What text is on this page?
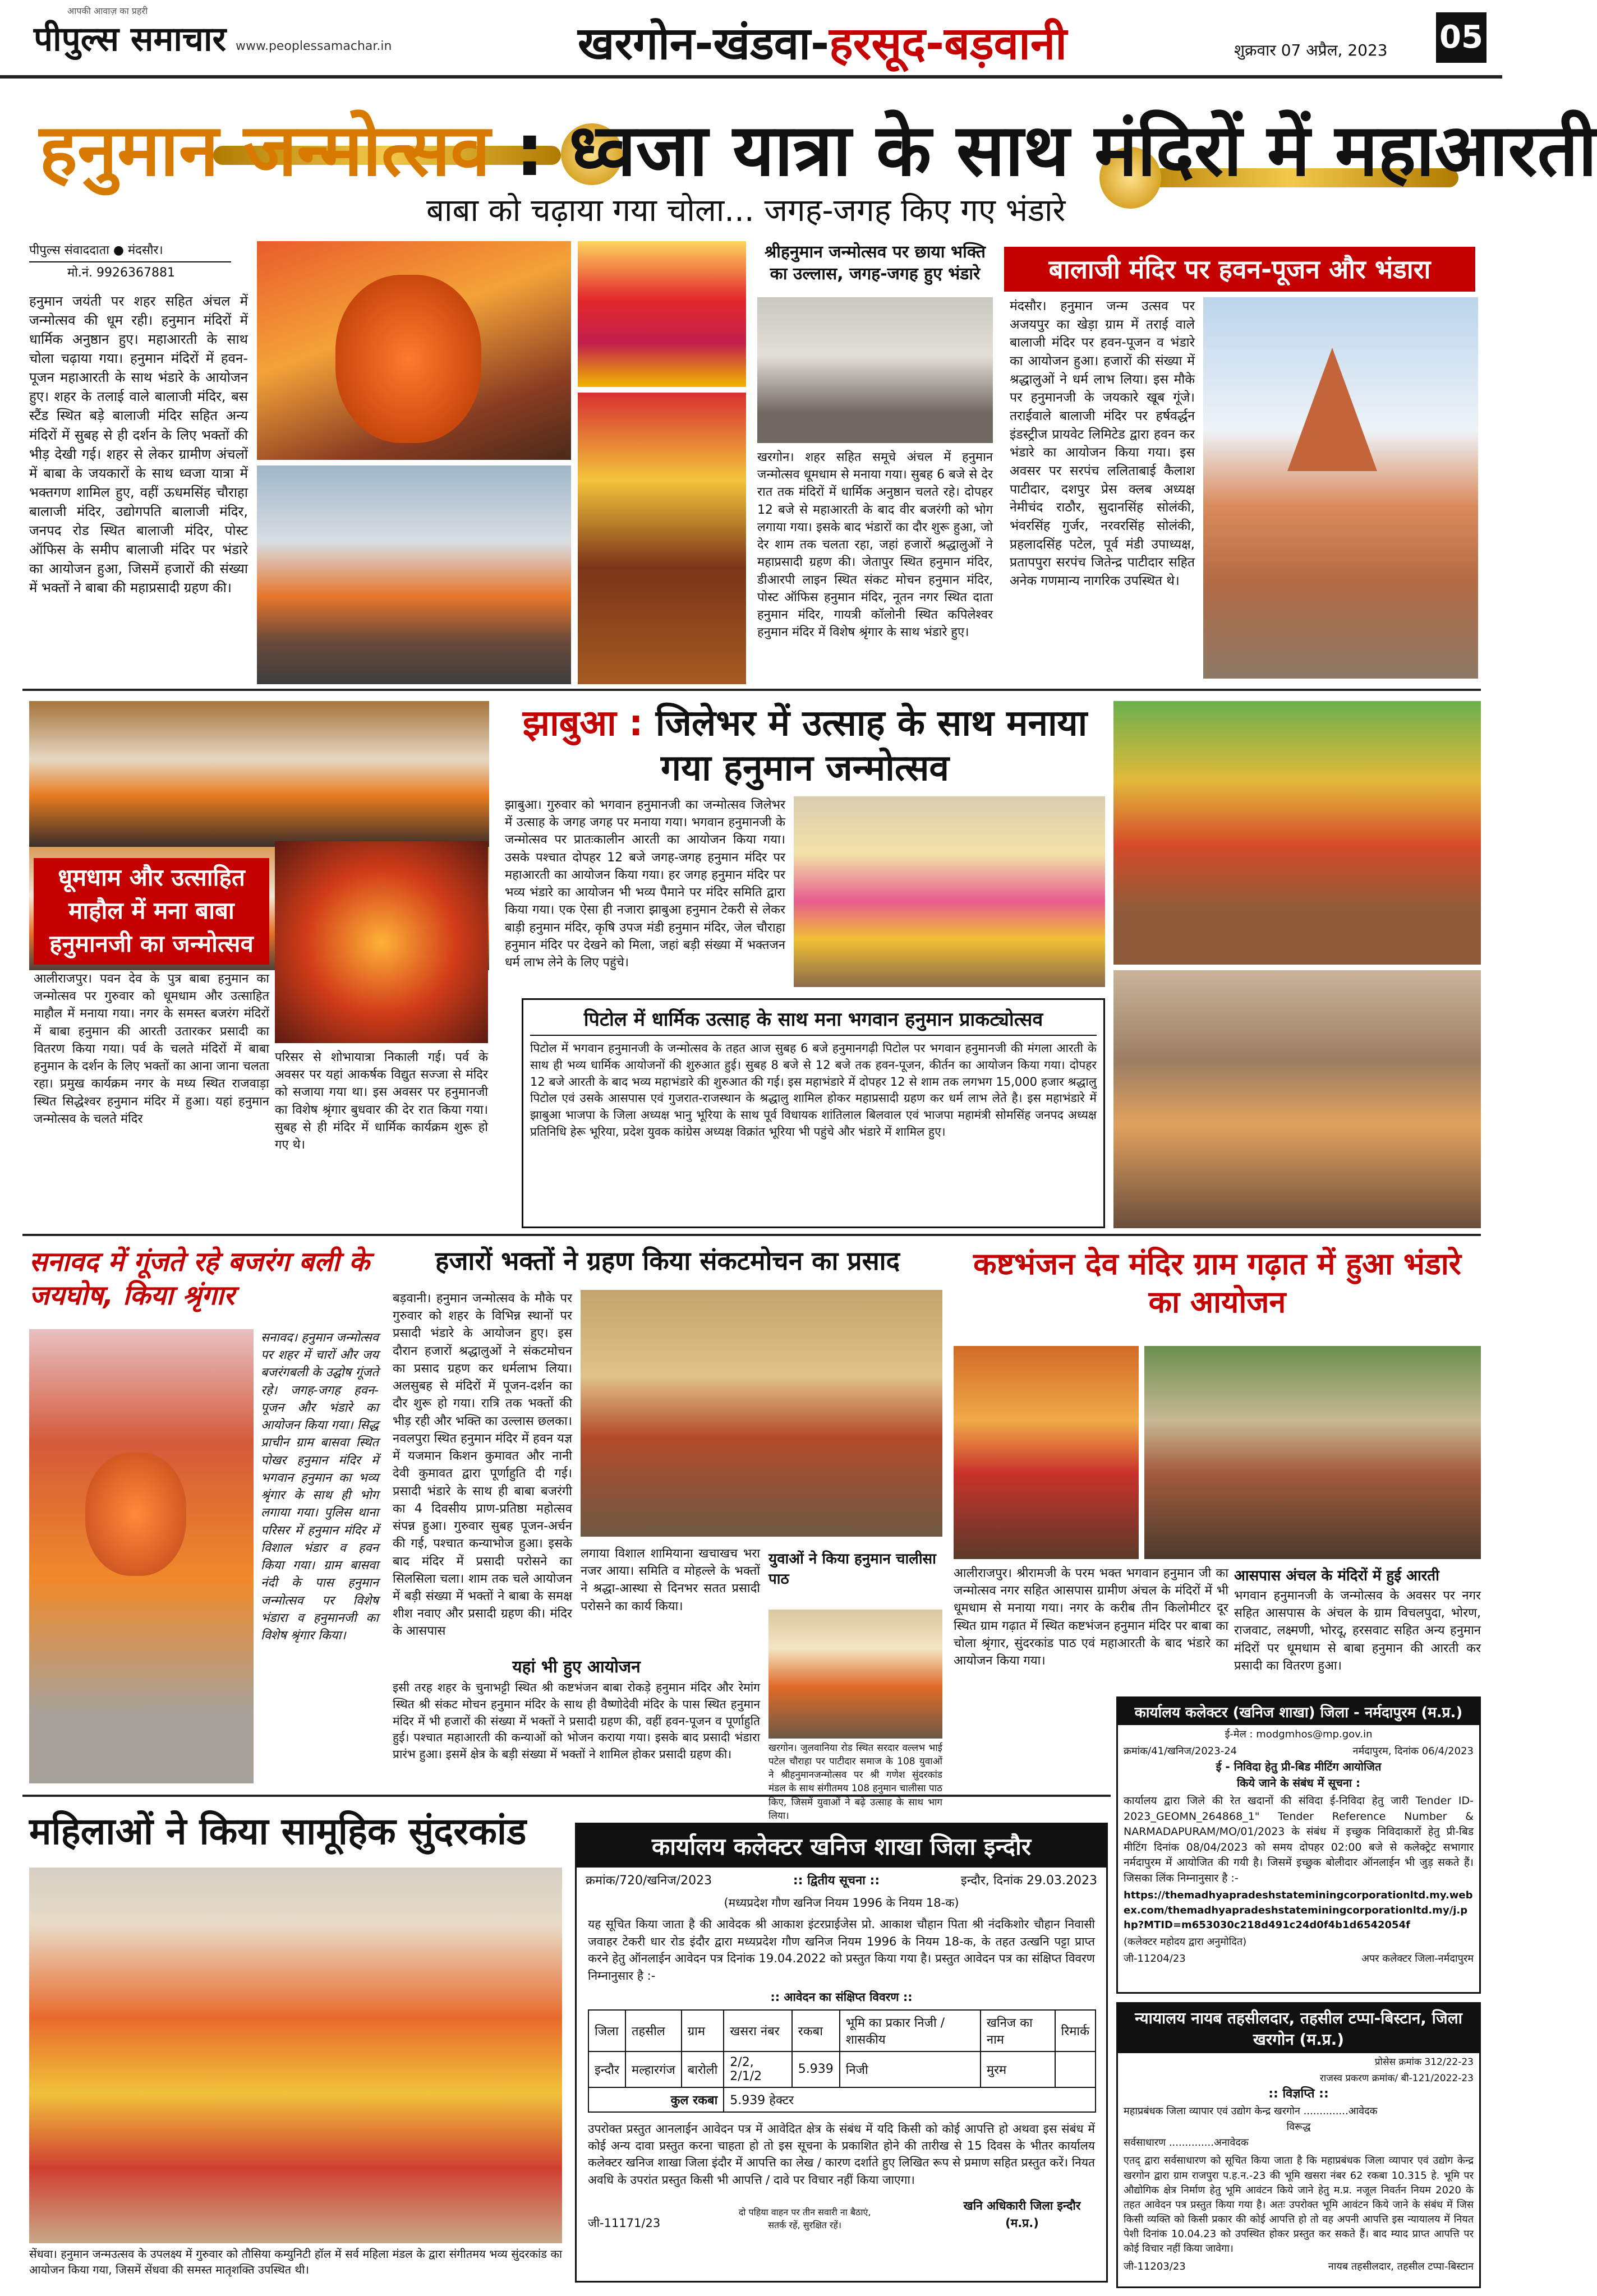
पीपुल्स समाचार
आपकी आवाज़ का प्रहरी
www.peoplessamachar.in	खरगोन-खंडवा-हरसूद-बड़वानी	शुक्रवार 07 अप्रैल, 2023 05
हनुमान जन्मोत्सव : ध्वजा यात्रा के साथ मंदिरों में महाआरती
बाबा को चढ़ाया गया चोला... जगह-जगह किए गए भंडारे
पीपुल्स संवाददाता ● मंदसौर।
मो.नं. 9926367881
हनुमान जयंती पर शहर सहित अंचल में जन्मोत्सव की धूम रही। हनुमान मंदिरों में धार्मिक अनुष्ठान हुए। महाआरती के साथ चोला चढ़ाया गया। हनुमान मंदिरों में हवन-पूजन महाआरती के साथ भंडारे के आयोजन हुए। शहर के तलाई वाले बालाजी मंदिर, बस स्टैंड स्थित बड़े बालाजी मंदिर सहित अन्य मंदिरों में सुबह से ही दर्शन के लिए भक्तों की भीड़ देखी गई। शहर से लेकर ग्रामीण अंचलों में बाबा के जयकारों के साथ ध्वजा यात्रा में भक्तगण शामिल हुए, वहीं ऊधमसिंह चौराहा बालाजी मंदिर, उद्योगपति बालाजी मंदिर, जनपद रोड स्थित बालाजी मंदिर, पोस्ट ऑफिस के समीप बालाजी मंदिर पर भंडारे का आयोजन हुआ, जिसमें हजारों की संख्या में भक्तों ने बाबा की महाप्रसादी ग्रहण की।
श्रीहनुमान जन्मोत्सव पर छाया भक्ति का उल्लास, जगह-जगह हुए भंडारे
खरगोन। शहर सहित समूचे अंचल में हनुमान जन्मोत्सव धूमधाम से मनाया गया। सुबह 6 बजे से देर रात तक मंदिरों में धार्मिक अनुष्ठान चलते रहे। दोपहर 12 बजे से महाआरती के बाद वीर बजरंगी को भोग लगाया गया। इसके बाद भंडारों का दौर शुरू हुआ, जो देर शाम तक चलता रहा, जहां हजारों श्रद्धालुओं ने महाप्रसादी ग्रहण की। जेतापुर स्थित हनुमान मंदिर, डीआरपी लाइन स्थित संकट मोचन हनुमान मंदिर, पोस्ट ऑफिस हनुमान मंदिर, नूतन नगर स्थित दाता हनुमान मंदिर, गायत्री कॉलोनी स्थित कपिलेश्वर हनुमान मंदिर में विशेष श्रृंगार के साथ भंडारे हुए।
बालाजी मंदिर पर हवन-पूजन और भंडारा
मंदसौर। हनुमान जन्म उत्सव पर अजयपुर का खेड़ा ग्राम में तराई वाले बालाजी मंदिर पर हवन-पूजन व भंडारे का आयोजन हुआ। हजारों की संख्या में श्रद्धालुओं ने धर्म लाभ लिया। इस मौके पर हनुमानजी के जयकारे खूब गूंजे। तराईवाले बालाजी मंदिर पर हर्षवर्द्धन इंडस्ट्रीज प्रायवेट लिमिटेड द्वारा हवन कर भंडारे का आयोजन किया गया। इस अवसर पर सरपंच ललिताबाई कैलाश पाटीदार, दशपुर प्रेस क्लब अध्यक्ष नेमीचंद राठौर, सुदानसिंह सोलंकी, भंवरसिंह गुर्जर, नरवरसिंह सोलंकी, प्रहलादसिंह पटेल, पूर्व मंडी उपाध्यक्ष, प्रतापपुरा सरपंच जितेन्द्र पाटीदार सहित अनेक गणमान्य नागरिक उपस्थित थे।
धूमधाम और उत्साहित माहौल में मना बाबा हनुमानजी का जन्मोत्सव
आलीराजपुर। पवन देव के पुत्र बाबा हनुमान का जन्मोत्सव पर गुरुवार को धूमधाम और उत्साहित माहौल में मनाया गया। नगर के समस्त बजरंग मंदिरों में बाबा हनुमान की आरती उतारकर प्रसादी का वितरण किया गया। पर्व के चलते मंदिरों में बाबा हनुमान के दर्शन के लिए भक्तों का आना जाना चलता रहा। प्रमुख कार्यक्रम नगर के मध्य स्थित राजवाड़ा स्थित सिद्धेश्वर हनुमान मंदिर में हुआ। यहां हनुमान जन्मोत्सव के चलते मंदिर
परिसर से शोभायात्रा निकाली गई। पर्व के अवसर पर यहां आकर्षक विद्युत सज्जा से मंदिर को सजाया गया था। इस अवसर पर हनुमानजी का विशेष श्रृंगार बुधवार की देर रात किया गया। सुबह से ही मंदिर में धार्मिक कार्यक्रम शुरू हो गए थे।
झाबुआ : जिलेभर में उत्साह के साथ मनाया गया हनुमान जन्मोत्सव
झाबुआ। गुरुवार को भगवान हनुमानजी का जन्मोत्सव जिलेभर में उत्साह के जगह जगह पर मनाया गया। भगवान हनुमानजी के जन्मोत्सव पर प्रातःकालीन आरती का आयोजन किया गया। उसके पश्चात दोपहर 12 बजे जगह-जगह हनुमान मंदिर पर महाआरती का आयोजन किया गया। हर जगह हनुमान मंदिर पर भव्य भंडारे का आयोजन भी भव्य पैमाने पर मंदिर समिति द्वारा किया गया। एक ऐसा ही नजारा झाबुआ हनुमान टेकरी से लेकर बाड़ी हनुमान मंदिर, कृषि उपज मंडी हनुमान मंदिर, जेल चौराहा हनुमान मंदिर पर देखने को मिला, जहां बड़ी संख्या में भक्तजन धर्म लाभ लेने के लिए पहुंचे।
पिटोल में धार्मिक उत्साह के साथ मना भगवान हनुमान प्राकट्योत्सव
पिटोल में भगवान हनुमानजी के जन्मोत्सव के तहत आज सुबह 6 बजे हनुमानगढ़ी पिटोल पर भगवान हनुमानजी की मंगला आरती के साथ ही भव्य धार्मिक आयोजनों की शुरुआत हुई। सुबह 8 बजे से 12 बजे तक हवन-पूजन, कीर्तन का आयोजन किया गया। दोपहर 12 बजे आरती के बाद भव्य महाभंडारे की शुरुआत की गई। इस महाभंडारे में दोपहर 12 से शाम तक लगभग 15,000 हजार श्रद्धालु पिटोल एवं उसके आसपास एवं गुजरात-राजस्थान के श्रद्धालु शामिल होकर महाप्रसादी ग्रहण कर धर्म लाभ लेते है। इस महाभंडारे में झाबुआ भाजपा के जिला अध्यक्ष भानु भूरिया के साथ पूर्व विधायक शांतिलाल बिलवाल एवं भाजपा महामंत्री सोमसिंह जनपद अध्यक्ष प्रतिनिधि हेरू भूरिया, प्रदेश युवक कांग्रेस अध्यक्ष विक्रांत भूरिया भी पहुंचे और भंडारे में शामिल हुए।
सनावद में गूंजते रहे बजरंग बली के जयघोष, किया श्रृंगार
सनावद। हनुमान जन्मोत्सव पर शहर में चारों और जय बजरंगबली के उद्घोष गूंजते रहे। जगह-जगह हवन-पूजन और भंडारे का आयोजन किया गया। सिद्ध प्राचीन ग्राम बासवा स्थित पोखर हनुमान मंदिर में भगवान हनुमान का भव्य श्रृंगार के साथ ही भोग लगाया गया। पुलिस थाना परिसर में हनुमान मंदिर में विशाल भंडार व हवन किया गया। ग्राम बासवा नंदी के पास हनुमान जन्मोत्सव पर विशेष भंडारा व हनुमानजी का विशेष श्रृंगार किया।
हजारों भक्तों ने ग्रहण किया संकटमोचन का प्रसाद
बड़वानी। हनुमान जन्मोत्सव के मौके पर गुरुवार को शहर के विभिन्न स्थानों पर प्रसादी भंडारे के आयोजन हुए। इस दौरान हजारों श्रद्धालुओं ने संकटमोचन का प्रसाद ग्रहण कर धर्मलाभ लिया। अलसुबह से मंदिरों में पूजन-दर्शन का दौर शुरू हो गया। रात्रि तक भक्तों की भीड़ रही और भक्ति का उल्लास छलका। नवलपुरा स्थित हनुमान मंदिर में हवन यज्ञ में यजमान किशन कुमावत और नानी देवी कुमावत द्वारा पूर्णाहुति दी गई। प्रसादी भंडारे के साथ ही बाबा बजरंगी का 4 दिवसीय प्राण-प्रतिष्ठा महोत्सव संपन्न हुआ। गुरुवार सुबह पूजन-अर्चन की गई, पश्चात कन्याभोज हुआ। इसके बाद मंदिर में प्रसादी परोसने का सिलसिला चला। शाम तक चले आयोजन में बड़ी संख्या में भक्तों ने बाबा के समक्ष शीश नवाए और प्रसादी ग्रहण की। मंदिर के आसपास
लगाया विशाल शामियाना खचाखच भरा नजर आया। समिति व मोहल्ले के भक्तों ने श्रद्धा-आस्था से दिनभर सतत प्रसादी परोसने का कार्य किया।
यहां भी हुए आयोजन
इसी तरह शहर के चुनाभट्टी स्थित श्री कष्टभंजन बाबा रोकड़े हनुमान मंदिर और रेमांग स्थित श्री संकट मोचन हनुमान मंदिर के साथ ही वैष्णोदेवी मंदिर के पास स्थित हनुमान मंदिर में भी हजारों की संख्या में भक्तों ने प्रसादी ग्रहण की, वहीं हवन-पूजन व पूर्णाहुति हुई। पश्चात महाआरती की कन्याओं को भोजन कराया गया। इसके बाद प्रसादी भंडारा प्रारंभ हुआ। इसमें क्षेत्र के बड़ी संख्या में भक्तों ने शामिल होकर प्रसादी ग्रहण की।
युवाओं ने किया हनुमान चालीसा पाठ
खरगोन। जुलवानिया रोड स्थित सरदार वल्लभ भाई पटेल चौराहा पर पाटीदार समाज के 108 युवाओं ने श्रीहनुमानजन्मोत्सव पर श्री गणेश सुंदरकांड मंडल के साथ संगीतमय 108 हनुमान चालीसा पाठ किए, जिसमें युवाओं ने बढ़े उत्साह के साथ भाग लिया।
कष्टभंजन देव मंदिर ग्राम गढ़ात में हुआ भंडारे का आयोजन
आलीराजपुर। श्रीरामजी के परम भक्त भगवान हनुमान जी का जन्मोत्सव नगर सहित आसपास ग्रामीण अंचल के मंदिरों में भी धूमधाम से मनाया गया। नगर के करीब तीन किलोमीटर दूर स्थित ग्राम गढ़ात में स्थित कष्टभंजन हनुमान मंदिर पर बाबा का चोला श्रृंगार, सुंदरकांड पाठ एवं महाआरती के बाद भंडारे का आयोजन किया गया।
आसपास अंचल के मंदिरों में हुई आरती
भगवान हनुमानजी के जन्मोत्सव के अवसर पर नगर सहित आसपास के अंचल के ग्राम विचलपुदा, भोरण, राजवाट, लक्ष्मणी, भोरदू, हरसवाट सहित अन्य हनुमान मंदिरों पर धूमधाम से बाबा हनुमान की आरती कर प्रसादी का वितरण हुआ।
कार्यालय कलेक्टर (खनिज शाखा) जिला - नर्मदापुरम (म.प्र.)
ई-मेल : modgmhos@mp.gov.in
क्रमांक/41/खनिज/2023-24	नर्मदापुरम, दिनांक 06/4/2023
ई - निविदा हेतु प्री-बिड मीटिंग आयोजित
किये जाने के संबंध में सूचना :
कार्यालय द्वारा जिले की रेत खदानों की संविदा ई-निविदा हेतु जारी Tender ID- 2023_GEOMN_264868_1" Tender Reference Number & NARMADAPURAM/MO/01/2023 के संबंध में इच्छुक निविदाकारों हेतु प्री-बिड मीटिंग दिनांक 08/04/2023 को समय दोपहर 02:00 बजे से कलेक्ट्रेट सभागार नर्मदापुरम में आयोजित की गयी है। जिसमें इच्छुक बोलीदार ऑनलाईन भी जुड़ सकते हैं। जिसका लिंक निम्नानुसार है :-
https://themadhyapradeshstateminingcorporationltd.my.webex.com/themadhyapradeshstateminingcorporationltd.my/j.php?MTID=m653030c218d491c24d0f4b1d6542054f
(कलेक्टर महोदय द्वारा अनुमोदित)
जी-11204/23	अपर कलेक्टर जिला-नर्मदापुरम
महिलाओं ने किया सामूहिक सुंदरकांड
सेंधवा। हनुमान जन्मउत्सव के उपलक्ष्य में गुरुवार को तौसिया कम्युनिटी हॉल में सर्व महिला मंडल के द्वारा संगीतमय भव्य सुंदरकांड का आयोजन किया गया, जिसमें सेंधवा की समस्त मातृशक्ति उपस्थित थी।
कार्यालय कलेक्टर खनिज शाखा जिला इन्दौर
क्रमांक/720/खनिज/2023	:: द्वितीय सूचना ::	इन्दौर, दिनांक 29.03.2023
(मध्यप्रदेश गौण खनिज नियम 1996 के नियम 18-क)
यह सूचित किया जाता है की आवेदक श्री आकाश इंटरप्राईजेस प्रो. आकाश चौहान पिता श्री नंदकिशोर चौहान निवासी जवाहर टेकरी धार रोड इंदौर द्वारा मध्यप्रदेश गौण खनिज नियम 1996 के नियम 18-क, के तहत उत्खनि पट्टा प्राप्त करने हेतु ऑनलाईन आवेदन पत्र दिनांक 19.04.2022 को प्रस्तुत किया गया है। प्रस्तुत आवेदन पत्र का संक्षिप्त विवरण निम्नानुसार है :-
:: आवेदन का संक्षिप्त विवरण ::
जिला	तहसील	ग्राम	खसरा नंबर	रकबा	भूमि का प्रकार निजी / शासकीय	खनिज का नाम	रिमार्क
इन्दौर	मल्हारगंज	बारोली	2/2, 2/1/2	5.939	निजी	मुरम	
कुल रकबा			5.939 हेक्टर				
उपरोक्त प्रस्तुत आनलाईन आवेदन पत्र में आवेदित क्षेत्र के संबंध में यदि किसी को कोई आपत्ति हो अथवा इस संबंध में कोई अन्य दावा प्रस्तुत करना चाहता हो तो इस सूचना के प्रकाशित होने की तारीख से 15 दिवस के भीतर कार्यालय कलेक्टर खनिज शाखा जिला इंदौर में आपत्ति का लेख / कारण दर्शाते हुए लिखित रूप से प्रमाण सहित प्रस्तुत करें। नियत अवधि के उपरांत प्रस्तुत किसी भी आपत्ति / दावे पर विचार नहीं किया जाएगा।
जी-11171/23
दो पहिया वाहन पर तीन सवारी ना बैठाएं, सतर्क रहें, सुरक्षित रहें।
खनि अधिकारी जिला इन्दौर (म.प्र.)
न्यायालय नायब तहसीलदार, तहसील टप्पा-बिस्टान, जिला खरगोन (म.प्र.)
प्रोसेस क्रमांक 312/22-23
राजस्व प्रकरण क्रमांक/ बी-121/2022-23
:: विज्ञप्ति ::
महाप्रबंधक जिला व्यापार एवं उद्योग केन्द्र खरगोन ..............आवेदक
विरूद्ध
सर्वसाधारण ..............अनावेदक
एतद् द्वारा सर्वसाधारण को सूचित किया जाता है कि महाप्रबंधक जिला व्यापार एवं उद्योग केन्द्र खरगोन द्वारा ग्राम राजपुरा प.ह.न.-23 की भूमि खसरा नंबर 62 रकबा 10.315 हे. भूमि पर औद्योगिक क्षेत्र निर्माण हेतु भूमि आवंटन किये जाने हेतु म.प्र. नजूल निवर्तन नियम 2020 के तहत आवेदन पत्र प्रस्तुत किया गया है। अतः उपरोक्त भूमि आवंटन किये जाने के संबंध में जिस किसी व्यक्ति को किसी प्रकार की कोई आपत्ति हो तो वह अपनी आपत्ति इस न्यायालय में नियत पेशी दिनांक 10.04.23 को उपस्थित होकर प्रस्तुत कर सकते हैं। बाद म्याद प्राप्त आपत्ति पर कोई विचार नहीं किया जावेगा।
जी-11203/23	नायब तहसीलदार, तहसील टप्पा-बिस्टान
